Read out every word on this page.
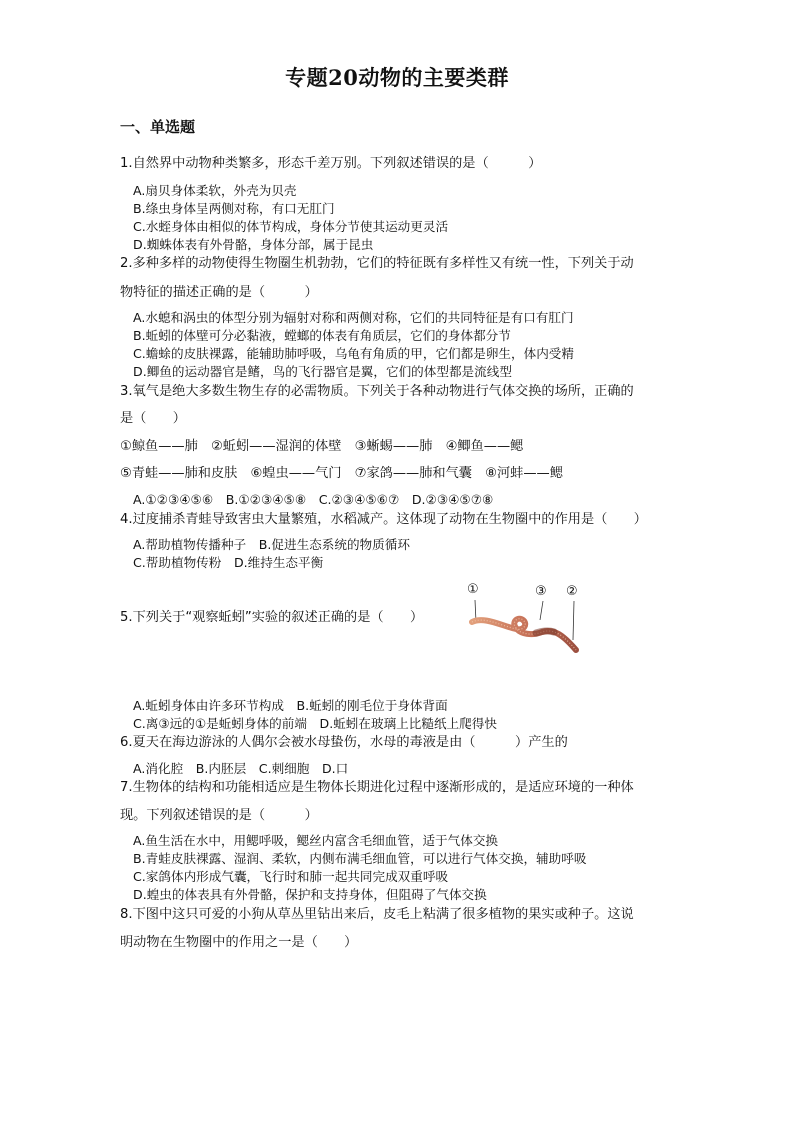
专题20动物的主要类群
一、单选题
1.自然界中动物种类繁多，形态千差万别。下列叙述错误的是（　　　）
A.扇贝身体柔软，外壳为贝壳
B.绦虫身体呈两侧对称，有口无肛门
C.水蛭身体由相似的体节构成，身体分节使其运动更灵活
D.蜘蛛体表有外骨骼，身体分部，属于昆虫
2.多种多样的动物使得生物圈生机勃勃，它们的特征既有多样性又有统一性，下列关于动
物特征的描述正确的是（　　　）
A.水螅和涡虫的体型分别为辐射对称和两侧对称，它们的共同特征是有口有肛门
B.蚯蚓的体壁可分必黏液，螳螂的体表有角质层，它们的身体都分节
C.蟾蜍的皮肤裸露，能辅助肺呼吸，乌龟有角质的甲，它们都是卵生，体内受精
D.鲫鱼的运动器官是鳍，鸟的飞行器官是翼，它们的体型都是流线型
3.氧气是绝大多数生物生存的必需物质。下列关于各种动物进行气体交换的场所，正确的
是（　　）
①鲸鱼——肺　②蚯蚓——湿润的体壁　③蜥蜴——肺　④鲫鱼——鳃
⑤青蛙——肺和皮肤　⑥蝗虫——气门　⑦家鸽——肺和气囊　⑧河蚌——鳃
A.①②③④⑤⑥　B.①②③④⑤⑧　C.②③④⑤⑥⑦　D.②③④⑤⑦⑧
4.过度捕杀青蛙导致害虫大量繁殖，水稻减产。这体现了动物在生物圈中的作用是（　　）
A.帮助植物传播种子　B.促进生态系统的物质循环
C.帮助植物传粉　D.维持生态平衡
5.下列关于“观察蚯蚓”实验的叙述正确的是（　　）
①	③ ②
A.蚯蚓身体由许多环节构成　B.蚯蚓的刚毛位于身体背面
C.离③远的①是蚯蚓身体的前端　D.蚯蚓在玻璃上比糙纸上爬得快
6.夏天在海边游泳的人偶尔会被水母蛰伤，水母的毒液是由（　　　）产生的
A.消化腔　B.内胚层　C.刺细胞　D.口
7.生物体的结构和功能相适应是生物体长期进化过程中逐渐形成的，是适应环境的一种体
现。下列叙述错误的是（　　　）
A.鱼生活在水中，用鳃呼吸，鳃丝内富含毛细血管，适于气体交换
B.青蛙皮肤裸露、湿润、柔软，内侧布满毛细血管，可以进行气体交换，辅助呼吸
C.家鸽体内形成气囊，飞行时和肺一起共同完成双重呼吸
D.蝗虫的体表具有外骨骼，保护和支持身体，但阻碍了气体交换
8.下图中这只可爱的小狗从草丛里钻出来后，皮毛上粘满了很多植物的果实或种子。这说
明动物在生物圈中的作用之一是（　　）
